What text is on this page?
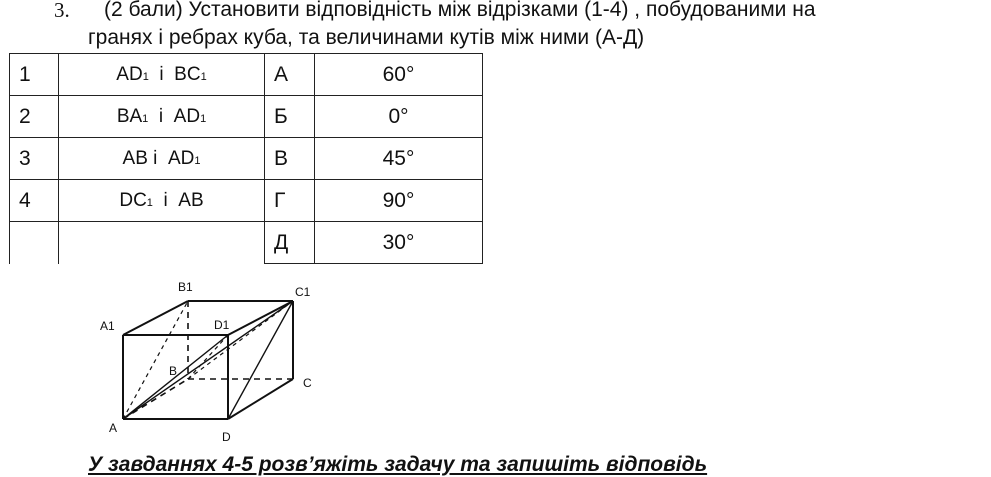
3. (2 бали) Установити відповідність між відрізками (1-4) , побудованими на
гранях і ребрах куба, та величинами кутів між ними (А-Д)
1	AD1 і BC1	А	60°
2	BA1 і AD1	Б	0°
3	AB і AD1	В	45°
4	DC1 і AB	Г	90°
		Д	30°
A
B
C
D
A1
B1	C1
D1
У завданнях 4-5 розв’яжіть задачу та запишіть відповідь
